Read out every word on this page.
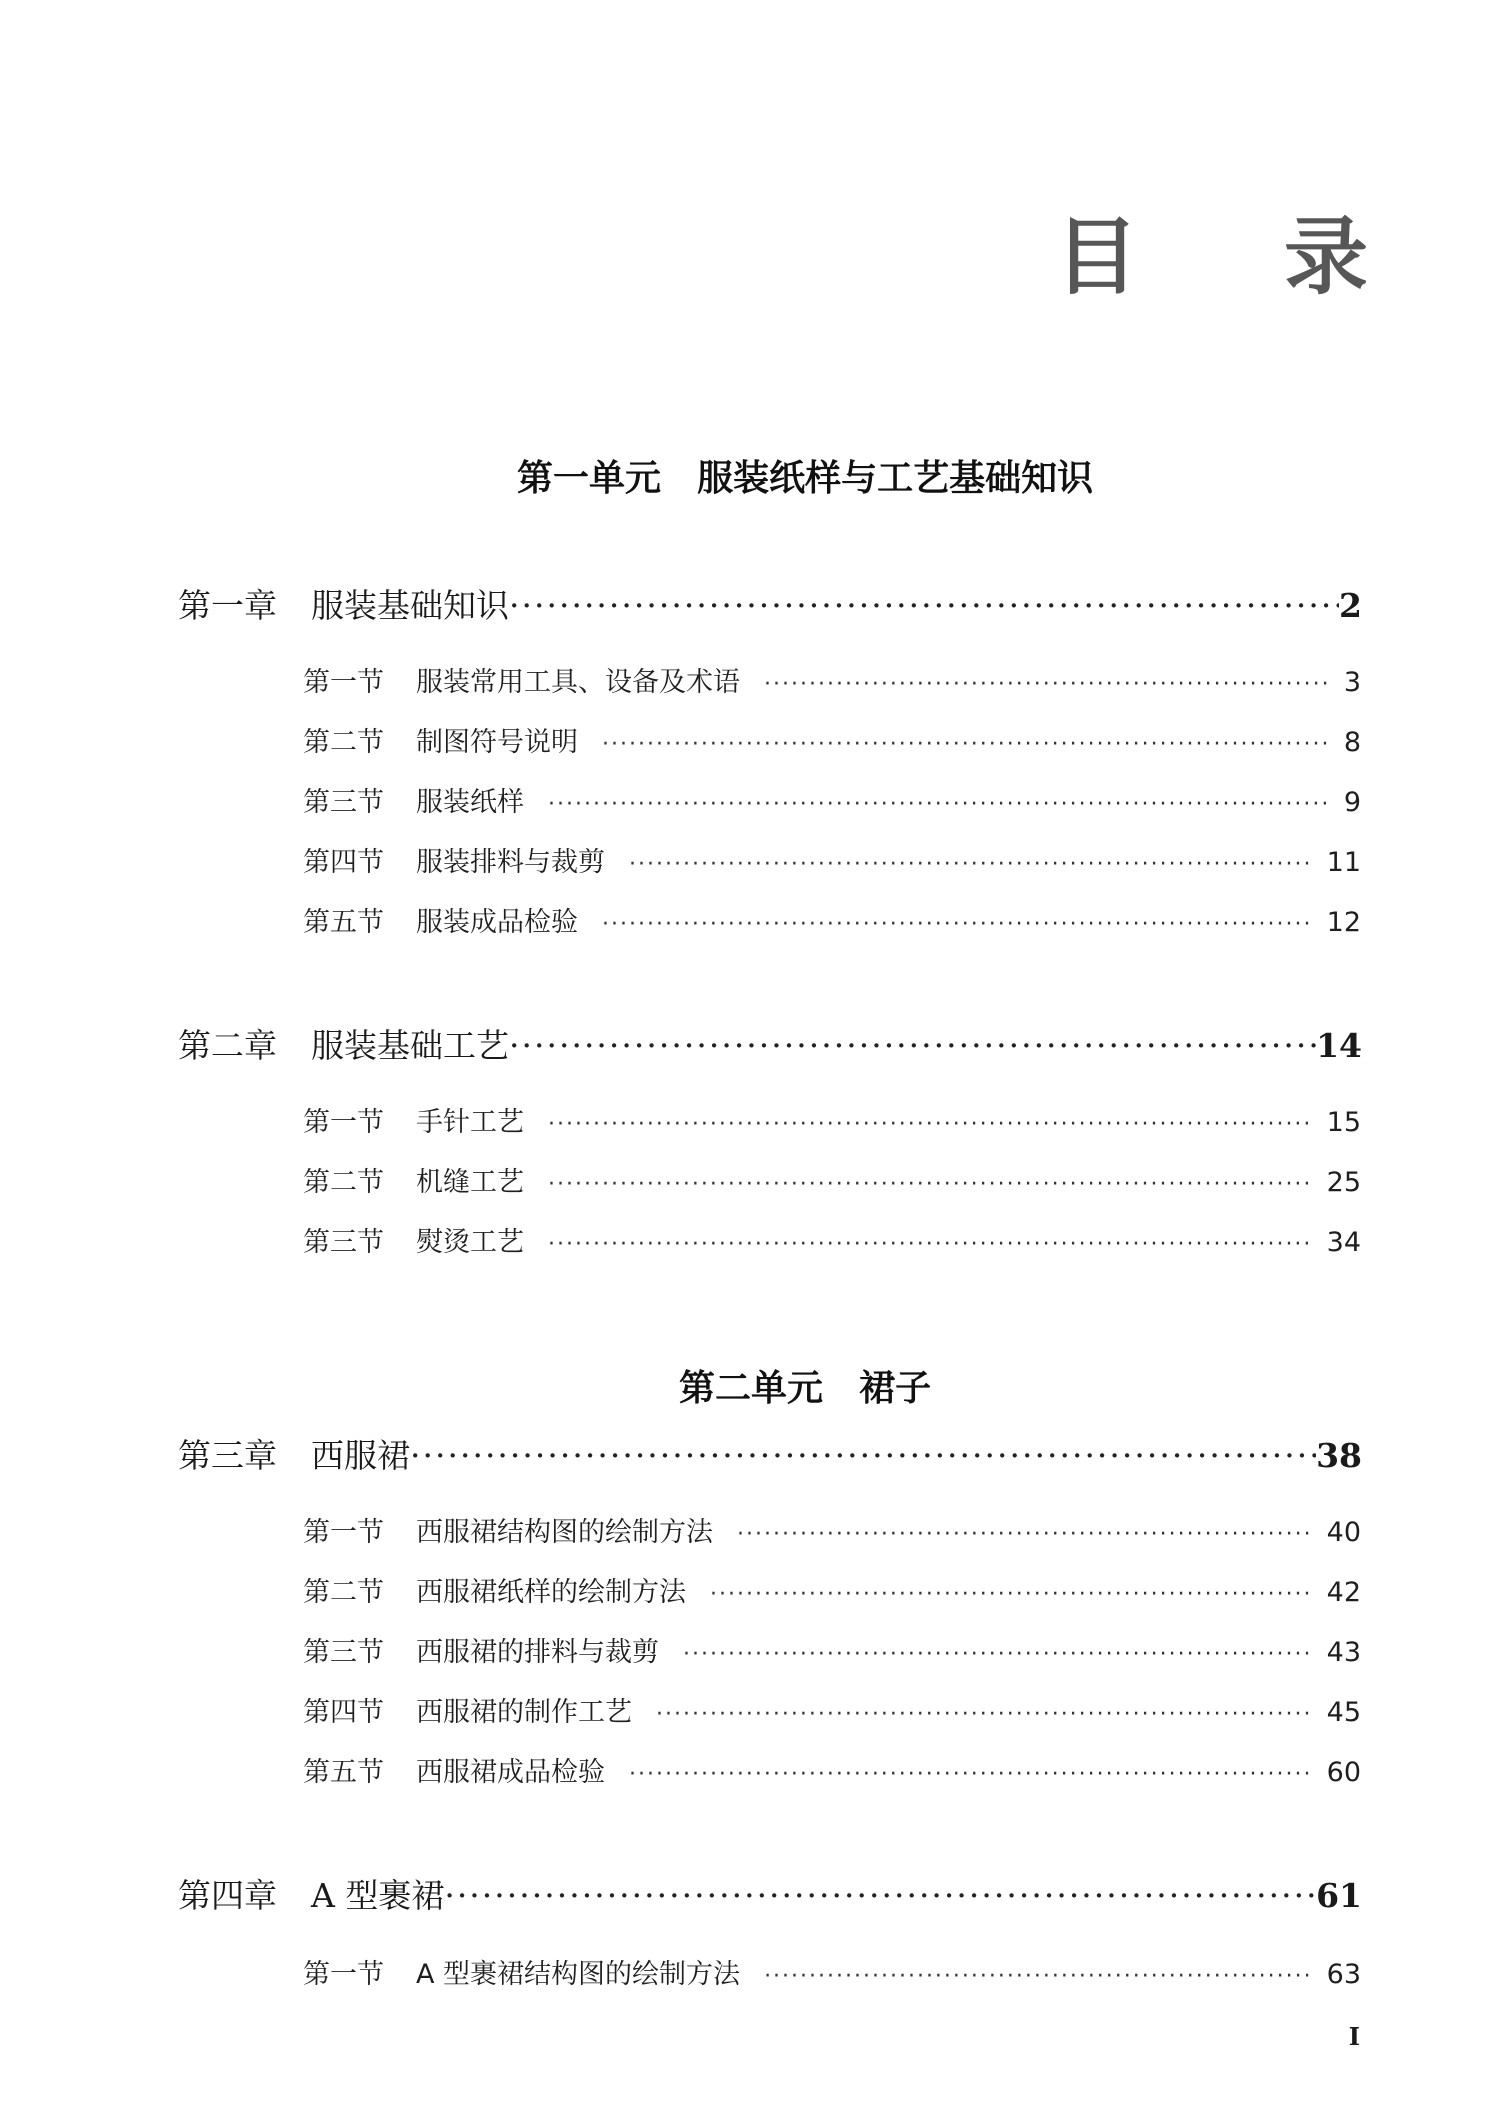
目 录

第一单元　 服装纸样与工艺基础知识

第一章 服装基础知识 ·····	2
第一节 服装常用工具、设备及术语 ·····	3
第二节 制图符号说明 ·····	8
第三节 服装纸样 ·····	9
第四节 服装排料与裁剪 ·····	11
第五节 服装成品检验 ·····	12
第二章 服装基础工艺 ·····	14
第一节 手针工艺 ·····	15
第二节 机缝工艺 ·····	25
第三节 熨烫工艺 ·····	34

第二单元　 裙子

第三章 西服裙 ·····	38
第一节 西服裙结构图的绘制方法 ·····	40
第二节 西服裙纸样的绘制方法 ·····	42
第三节 西服裙的排料与裁剪 ·····	43
第四节 西服裙的制作工艺 ·····	45
第五节 西服裙成品检验 ·····	60
第四章 A 型裹裙 ·····	61
第一节 A 型裹裙结构图的绘制方法 ·····	63
I
